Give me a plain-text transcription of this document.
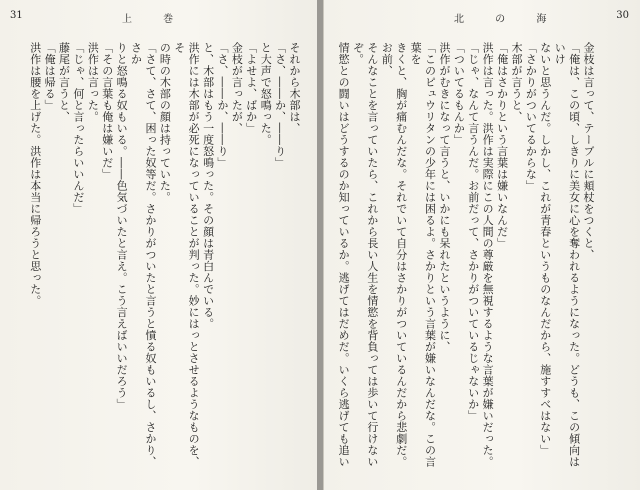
31	上 巻

それから木部は、

「さ、――か、――り」

と大声で怒鳴った。

「よせよ、ばか」

金枝が言ったが、

「さ、――か、――り」

と、木部はもう一度怒鳴った。その顔は青白んでいる。

洪作には木部が必死になっていることが判った。妙にはっとさせるようなものを、そ

の時の木部の顔は持っていた。

「さて、さて、困った奴等だ。さかりがついたと言うと憤る奴もいるし、さかり、さか

りと怒鳴る奴もいる。――色気づいたと言え。こう言えばいいだろう」

「その言葉も俺は嫌いだ」

洪作は言った。

「じゃ、何と言ったらいいんだ」

藤尾が言うと、

「俺は帰る」

洪作は腰を上げた。洪作は本当に帰ろうと思った。

北 の 海	30

金枝は言って、テーブルに頬杖をつくと、

「俺は、この頃、しきりに美女に心を奪われるようになった。どうも、この傾向はいけ

ないと思うんだ。しかし、これが青春というものなんだから、施すすべはない」

「さかりがついてるからな」

木部が言うと、

「俺はさかりという言葉は嫌いなんだ」

洪作は言った。洪作は実際にこの人間の尊厳を無視するような言葉が嫌いだった。

「じゃ、なんて言うんだ。お前だって、さかりがついているじゃないか」

「ついてるもんか」

洪作がむきになって言うと、いかにも呆れたというように、

「このピュウリタンの少年には困るよ。さかりという言葉が嫌いなんだな。この言葉を

きくと、胸が痛むんだな。それでいて自分はさかりがついているんだから悲劇だ。お前、

そんなことを言っていたら、これから長い人生を情慾を背負っては歩いて行けないぞ。

情慾との闘いはどうするのか知っているか。逃げてはだめだ。いくら逃げても追い
